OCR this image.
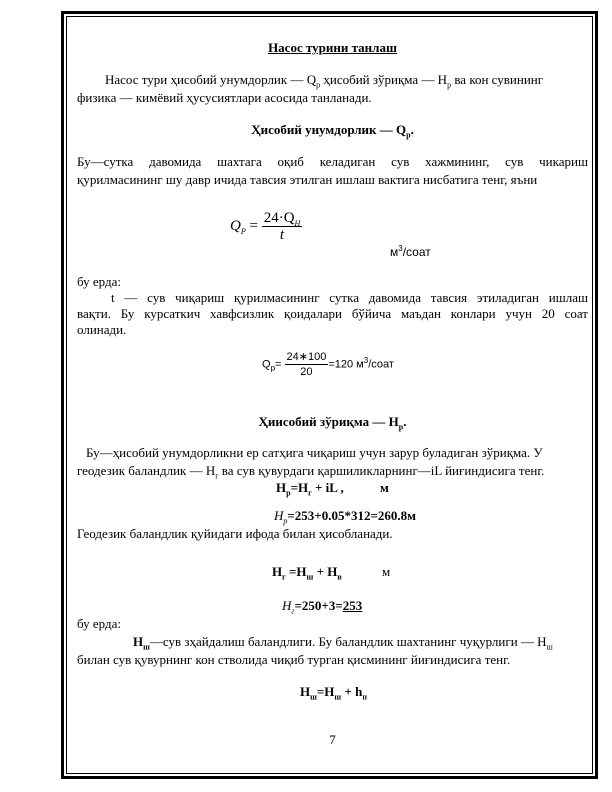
Насос турини танлаш
Насос тури ҳисобий унумдорлик — $Q_р$ ҳисобий зўриқма — $Н_р$ ва кон сувининг
физика — кимёвий ҳусусиятлари асосида танланади.
Ҳисобий унумдорлик — $Q_р$.
Бу—сутка давомида шахтага оқиб келадиган сув хажмининг, сув чикариш
қурилмасининг шу давр ичида тавсия этилган ишлаш вактига нисбатига тенг, яъни
$Q_P = \frac{24\cdot Q_H}{t}$
$м^3$/соат
бу ерда:
t — сув чиқариш қурилмасининг сутка давомида тавсия этиладиган ишлаш
вақти. Бу курсаткич хавфсизлик қоидалари бўйича маъдан конлари учун 20 соат
олинади.
$Q_р= \frac{24∗100}{20} =120$ $м^3$/соат
Ҳиисобий зўриқма — $Н_р$.
Бу—ҳисобий унумдорликни ер сатҳига чиқариш учун зарур буладиган зўриқма. У
геодезик баландлик — $Н_г$ ва сув қувурдаги қаршиликларнинг—iL йиғиндисига тенг.
$Н_р=Н_г$ + iL ,	м
$H_p=253+0.05*312=260.8м$
Геодезик баландлик қуйидаги ифода билан ҳисобланади.
$Н_г =Н_ш + Н_в$	м
$H_г=250+3=253$
бу ерда:
$Н_ш—сув$ зҳайдалиш баландлиги. Бу баландлик шахтанинг чуқурлиги — $Н_ш$
билан сув қувурнинг кон стволида чиқиб турган қисмининг йиғиндисига тенг.
$Н_ш=Н_ш + h_п$
7
